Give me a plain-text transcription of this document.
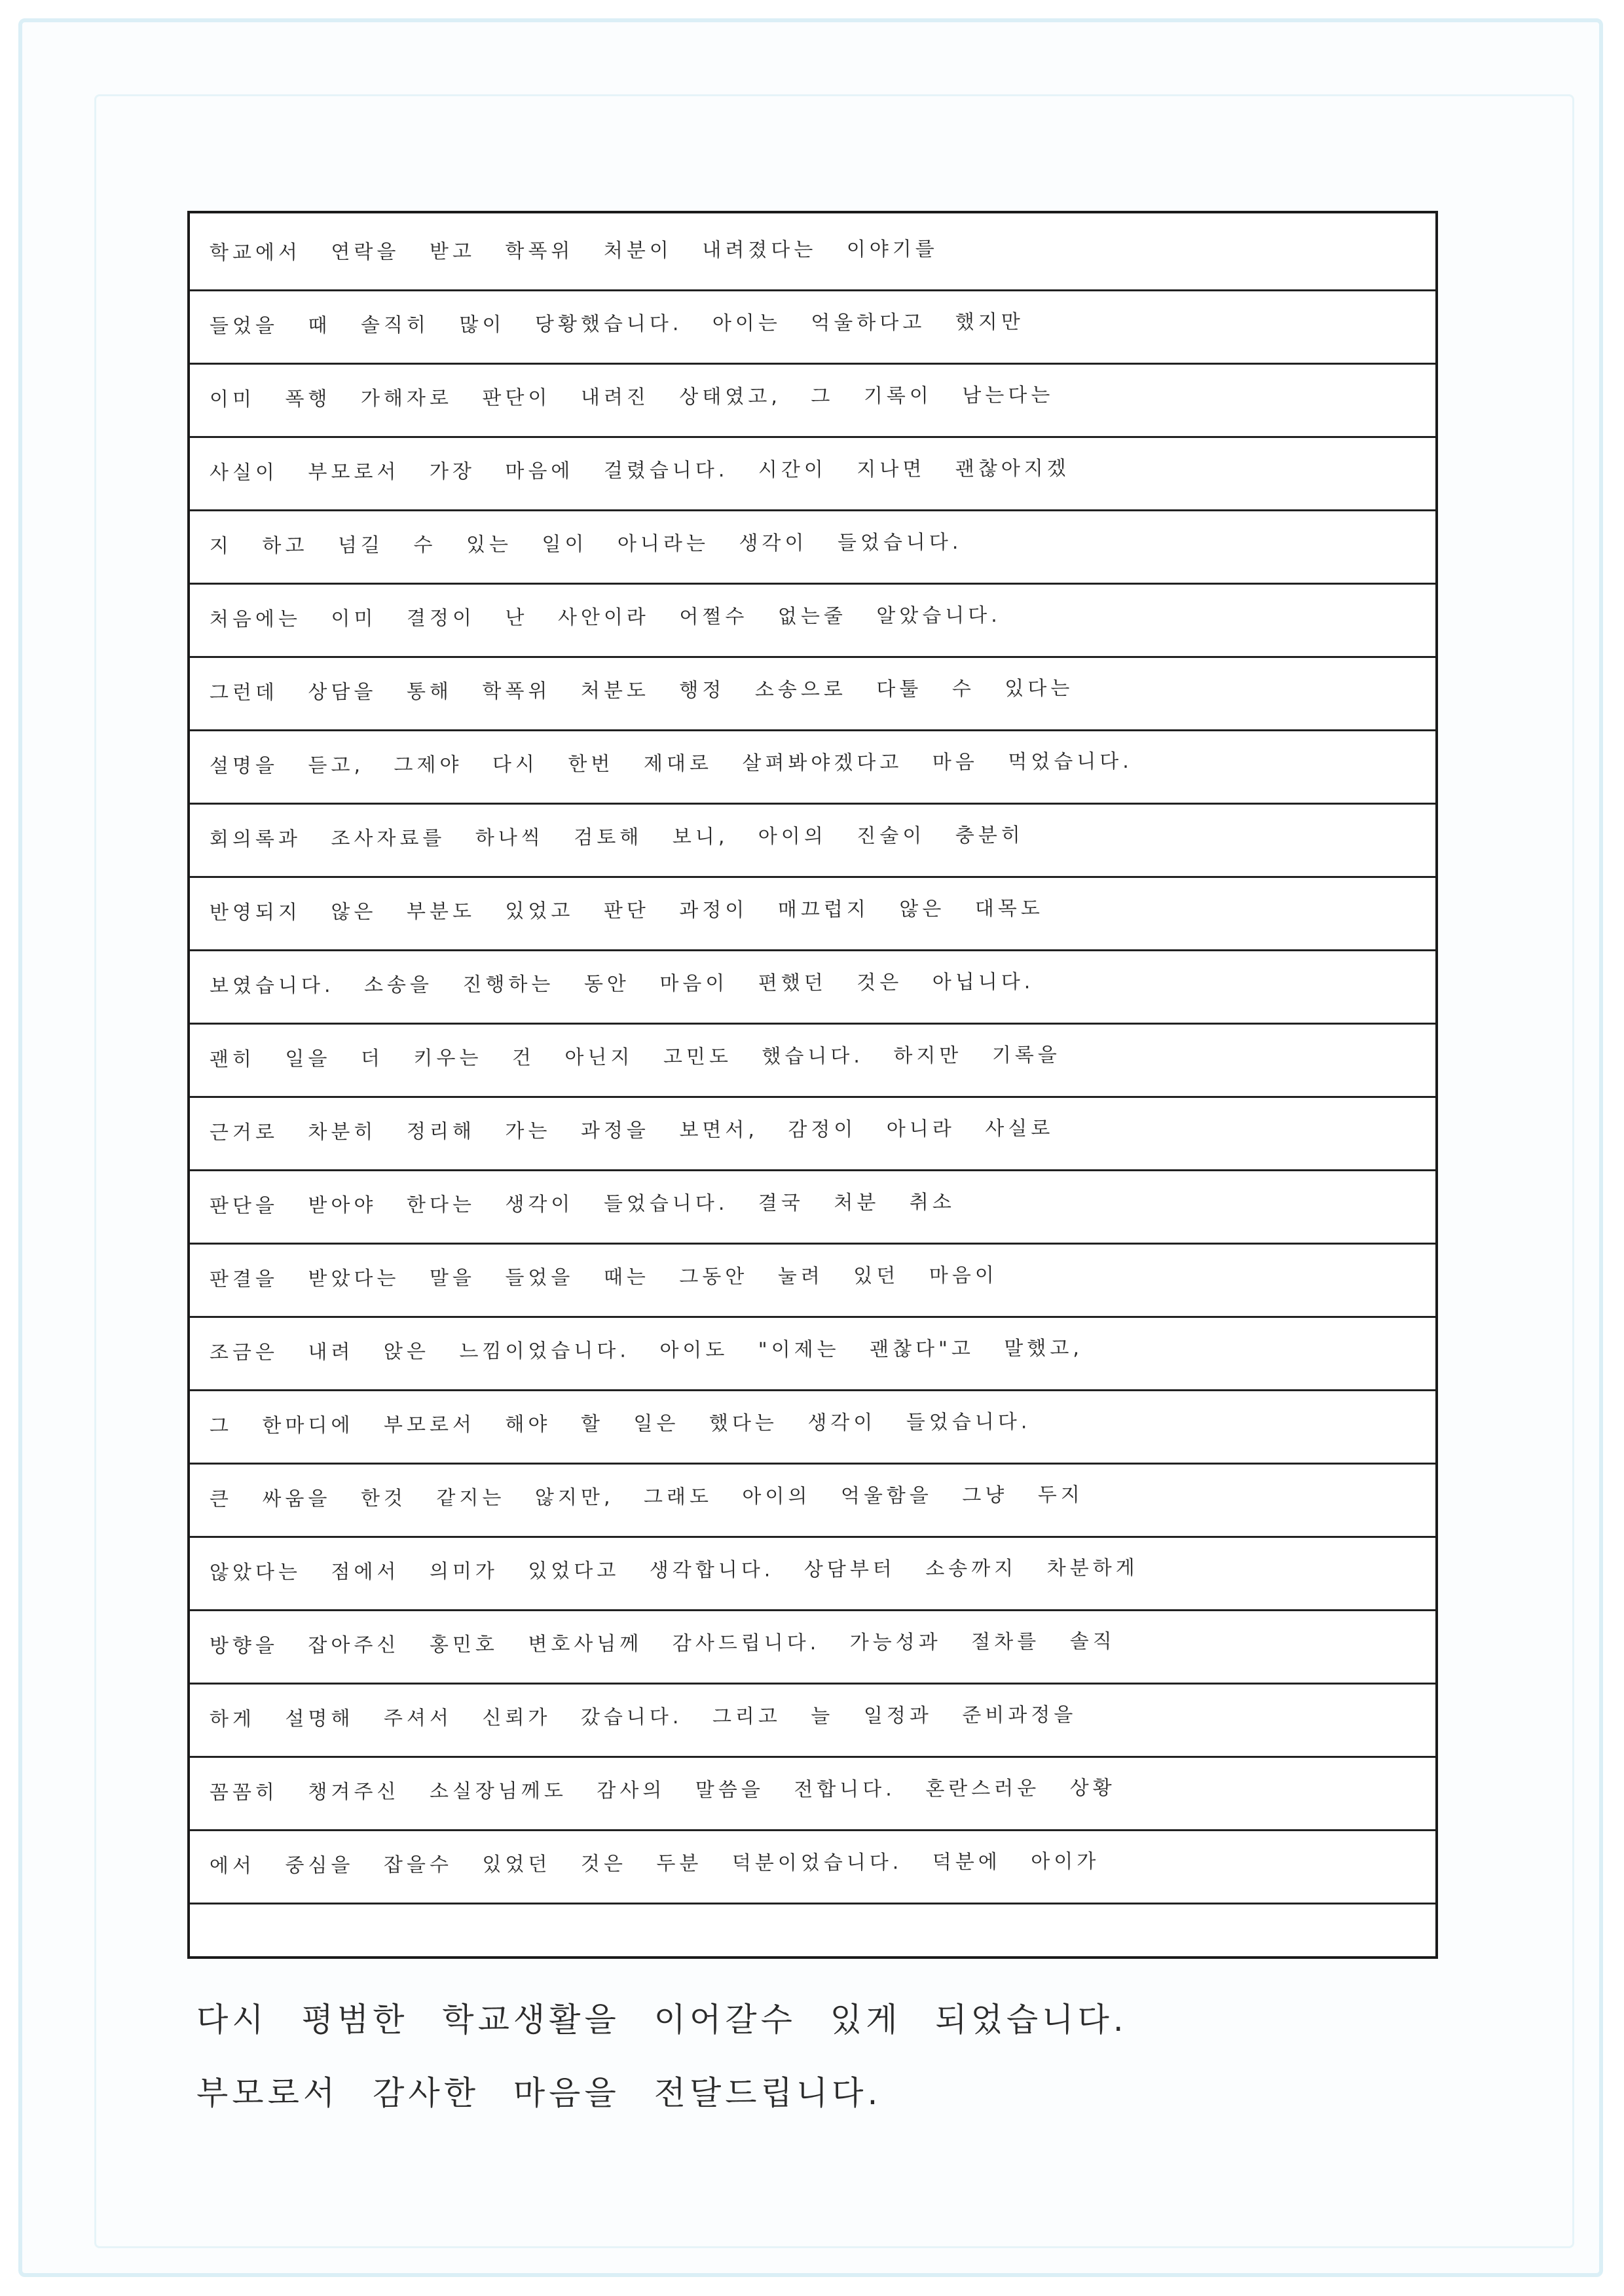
학교에서 연락을 받고 학폭위 처분이 내려졌다는 이야기를
들었을 때 솔직히 많이 당황했습니다. 아이는 억울하다고 했지만
이미 폭행 가해자로 판단이 내려진 상태였고, 그 기록이 남는다는
사실이 부모로서 가장 마음에 걸렸습니다. 시간이 지나면 괜찮아지겠
지 하고 넘길 수 있는 일이 아니라는 생각이 들었습니다.
처음에는 이미 결정이 난 사안이라 어쩔수 없는줄 알았습니다.
그런데 상담을 통해 학폭위 처분도 행정 소송으로 다툴 수 있다는
설명을 듣고, 그제야 다시 한번 제대로 살펴봐야겠다고 마음 먹었습니다.
회의록과 조사자료를 하나씩 검토해 보니, 아이의 진술이 충분히
반영되지 않은 부분도 있었고 판단 과정이 매끄럽지 않은 대목도
보였습니다. 소송을 진행하는 동안 마음이 편했던 것은 아닙니다.
괜히 일을 더 키우는 건 아닌지 고민도 했습니다. 하지만 기록을
근거로 차분히 정리해 가는 과정을 보면서, 감정이 아니라 사실로
판단을 받아야 한다는 생각이 들었습니다. 결국 처분 취소
판결을 받았다는 말을 들었을 때는 그동안 눌려 있던 마음이
조금은 내려 앉은 느낌이었습니다. 아이도 "이제는 괜찮다"고 말했고,
그 한마디에 부모로서 해야 할 일은 했다는 생각이 들었습니다.
큰 싸움을 한것 같지는 않지만, 그래도 아이의 억울함을 그냥 두지
않았다는 점에서 의미가 있었다고 생각합니다. 상담부터 소송까지 차분하게
방향을 잡아주신 홍민호 변호사님께 감사드립니다. 가능성과 절차를 솔직
하게 설명해 주셔서 신뢰가 갔습니다. 그리고 늘 일정과 준비과정을
꼼꼼히 챙겨주신 소실장님께도 감사의 말씀을 전합니다. 혼란스러운 상황
에서 중심을 잡을수 있었던 것은 두분 덕분이었습니다. 덕분에 아이가
다시 평범한 학교생활을 이어갈수 있게 되었습니다.
부모로서 감사한 마음을 전달드립니다.
